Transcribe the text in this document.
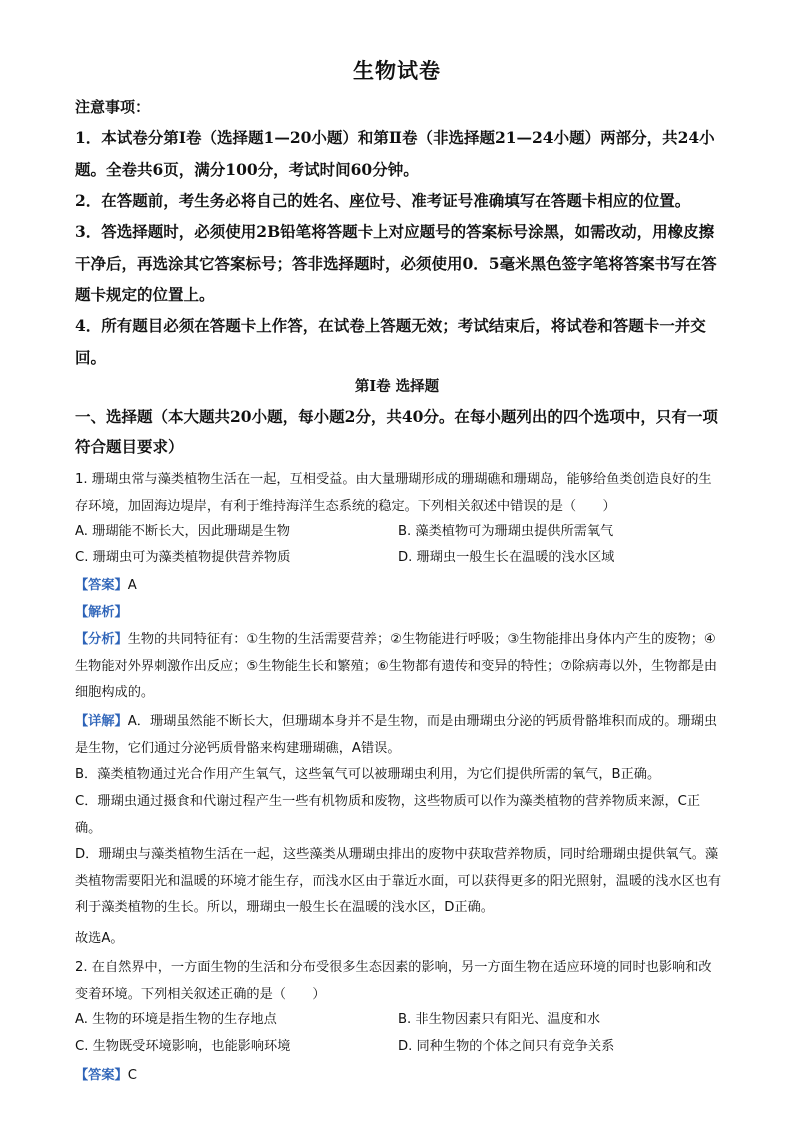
生物试卷
注意事项：
1．本试卷分第Ⅰ卷（选择题1—20小题）和第Ⅱ卷（非选择题21—24小题）两部分，共24小题。全卷共6页，满分100分，考试时间60分钟。
2．在答题前，考生务必将自己的姓名、座位号、准考证号准确填写在答题卡相应的位置。
3．答选择题时，必须使用2B铅笔将答题卡上对应题号的答案标号涂黑，如需改动，用橡皮擦干净后，再选涂其它答案标号；答非选择题时，必须使用0．5毫米黑色签字笔将答案书写在答题卡规定的位置上。
4．所有题目必须在答题卡上作答，在试卷上答题无效；考试结束后，将试卷和答题卡一并交回。
第Ⅰ卷 选择题
一、选择题（本大题共20小题，每小题2分，共40分。在每小题列出的四个选项中，只有一项符合题目要求）
1. 珊瑚虫常与藻类植物生活在一起，互相受益。由大量珊瑚形成的珊瑚礁和珊瑚岛，能够给鱼类创造良好的生存环境，加固海边堤岸，有利于维持海洋生态系统的稳定。下列相关叙述中错误的是（　　）
A. 珊瑚能不断长大，因此珊瑚是生物	B. 藻类植物可为珊瑚虫提供所需氧气
C. 珊瑚虫可为藻类植物提供营养物质	D. 珊瑚虫一般生长在温暖的浅水区域
【答案】A
【解析】
【分析】生物的共同特征有：①生物的生活需要营养；②生物能进行呼吸；③生物能排出身体内产生的废物；④生物能对外界刺激作出反应；⑤生物能生长和繁殖；⑥生物都有遗传和变异的特性；⑦除病毒以外，生物都是由细胞构成的。
【详解】A．珊瑚虽然能不断长大，但珊瑚本身并不是生物，而是由珊瑚虫分泌的钙质骨骼堆积而成的。珊瑚虫是生物，它们通过分泌钙质骨骼来构建珊瑚礁，A错误。
B．藻类植物通过光合作用产生氧气，这些氧气可以被珊瑚虫利用，为它们提供所需的氧气，B正确。
C．珊瑚虫通过摄食和代谢过程产生一些有机物质和废物，这些物质可以作为藻类植物的营养物质来源，C正确。
D．珊瑚虫与藻类植物生活在一起，这些藻类从珊瑚虫排出的废物中获取营养物质，同时给珊瑚虫提供氧气。藻类植物需要阳光和温暖的环境才能生存，而浅水区由于靠近水面，可以获得更多的阳光照射，温暖的浅水区也有利于藻类植物的生长。所以，珊瑚虫一般生长在温暖的浅水区，D正确。
故选A。
2. 在自然界中，一方面生物的生活和分布受很多生态因素的影响，另一方面生物在适应环境的同时也影响和改变着环境。下列相关叙述正确的是（　　）
A. 生物的环境是指生物的生存地点	B. 非生物因素只有阳光、温度和水
C. 生物既受环境影响，也能影响环境	D. 同种生物的个体之间只有竞争关系
【答案】C
